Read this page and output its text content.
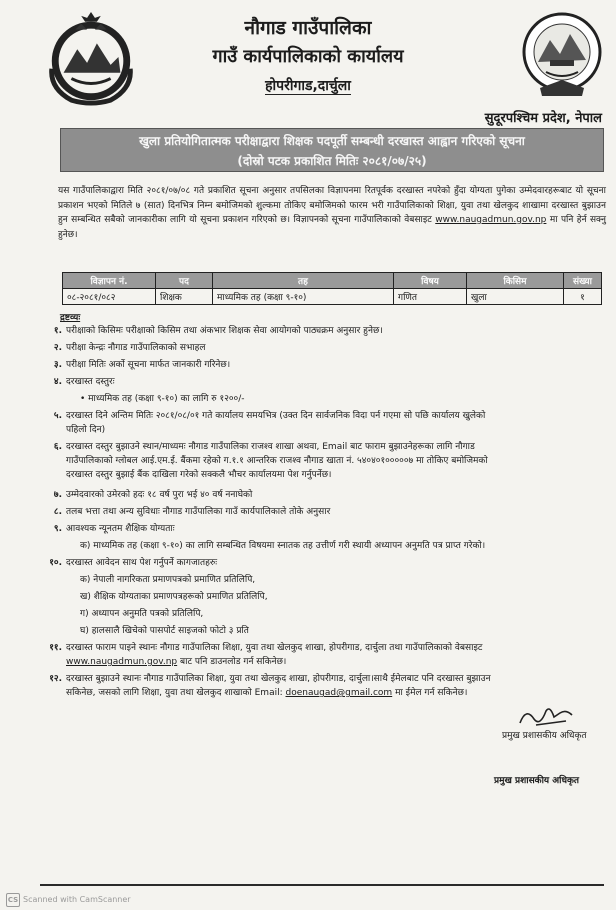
नौगाड गाउँपालिका
गाउँ कार्यपालिकाको कार्यालय
होपरीगाड,दार्चुला
सुदूरपश्चिम प्रदेश, नेपाल
खुला प्रतियोगितात्मक परीक्षाद्वारा शिक्षक पदपूर्ती सम्बन्धी दरखास्त आह्वान गरिएको सूचना
(दोस्रो पटक प्रकाशित मितिः २०८१/०७/२५)
यस गाउँपालिकाद्वारा मिति २०८१/०७/०८ गते प्रकाशित सूचना अनुसार तपसिलका विज्ञापनमा रितपूर्वक दरखास्त नपरेको हुँदा योग्यता पुगेका उम्मेदवारहरूबाट यो सूचना प्रकाशन भएको मितिले ७ (सात) दिनभित्र निम्न बमोजिमको शुल्कमा तोकिए बमोजिमको फारम भरी गाउँपालिकाको शिक्षा, युवा तथा खेलकुद शाखामा दरखास्त बुझाउन हुन सम्बन्धित सबैको जानकारीका लागि यो सूचना प्रकाशन गरिएको छ। विज्ञापनको सूचना गाउँपालिकाको वेबसाइट www.naugadmun.gov.np मा पनि हेर्न सक्नु हुनेछ।
विज्ञापन नं.	पद	तह	विषय	किसिम	संख्या
०८-२०८१/०८२	शिक्षक	माध्यमिक तह (कक्षा ९-१०)	गणित	खुला	१
द्रष्टव्यः
१. परीक्षाको किसिमः परीक्षाको किसिम तथा अंकभार शिक्षक सेवा आयोगको पाठ्यक्रम अनुसार हुनेछ।
२. परीक्षा केन्द्रः नौगाड गाउँपालिकाको सभाहल
३. परीक्षा मितिः अर्को सूचना मार्फत जानकारी गरिनेछ।
४. दरखास्त दस्तुरः
• माध्यमिक तह (कक्षा ९-१०) का लागि रु १२००/-
५. दरखास्त दिने अन्तिम मितिः २०८१/०८/०१ गते कार्यालय समयभित्र (उक्त दिन सार्वजनिक विदा पर्न गएमा सो पछि कार्यालय खुलेको
पहिलो दिन)
६. दरखास्त दस्तुर बुझाउने स्थान/माध्यमः नौगाड गाउँपालिका राजश्व शाखा अथवा, Email बाट फाराम बुझाउनेहरूका लागि नौगाड
गाउँपालिकाको ग्लोबल आई.एम.ई. बैंकमा रहेको ग.१.१ आन्तरिक राजश्व नौगाड खाता नं. ५४०४०१०००००७ मा तोकिए बमोजिमको
दरखास्त दस्तुर बुझाई बैंक दाखिला गरेको सक्कलै भौचर कार्यालयमा पेश गर्नुपर्नेछ।
७. उम्मेदवारको उमेरको हदः १८ वर्ष पुरा भई ४० वर्ष ननाघेको
८. तलब भत्ता तथा अन्य सुविधाः नौगाड गाउँपालिका गाउँ कार्यपालिकाले तोके अनुसार
९. आवश्यक न्यूनतम शैक्षिक योग्यताः
क) माध्यमिक तह (कक्षा ९-१०) का लागि सम्बन्धित विषयमा स्नातक तह उत्तीर्ण गरी स्थायी अध्यापन अनुमति पत्र प्राप्त गरेको।
१०. दरखास्त आवेदन साथ पेश गर्नुपर्ने कागजातहरुः
क) नेपाली नागरिकता प्रमाणपत्रको प्रमाणित प्रतिलिपि,
ख) शैक्षिक योग्यताका प्रमाणपत्रहरूको प्रमाणित प्रतिलिपि,
ग) अध्यापन अनुमति पत्रको प्रतिलिपि,
घ) हालसालै खिचेको पासपोर्ट साइजको फोटो ३ प्रति
११. दरखास्त फाराम पाइने स्थानः नौगाड गाउँपालिका शिक्षा, युवा तथा खेलकुद शाखा, होपरीगाड, दार्चुला तथा गाउँपालिकाको वेबसाइट
www.naugadmun.gov.np बाट पनि डाउनलोड गर्न सकिनेछ।
१२. दरखास्त बुझाउने स्थानः नौगाड गाउँपालिका शिक्षा, युवा तथा खेलकुद शाखा, होपरीगाड, दार्चुला।साथै ईमेलबाट पनि दरखास्त बुझाउन
सकिनेछ, जसको लागि शिक्षा, युवा तथा खेलकुद शाखाको Email: doenaugad@gmail.com मा ईमेल गर्न सकिनेछ।
प्रमुख प्रशासकीय अधिकृत
प्रमुख प्रशासकीय अधिकृत
CS Scanned with CamScanner
